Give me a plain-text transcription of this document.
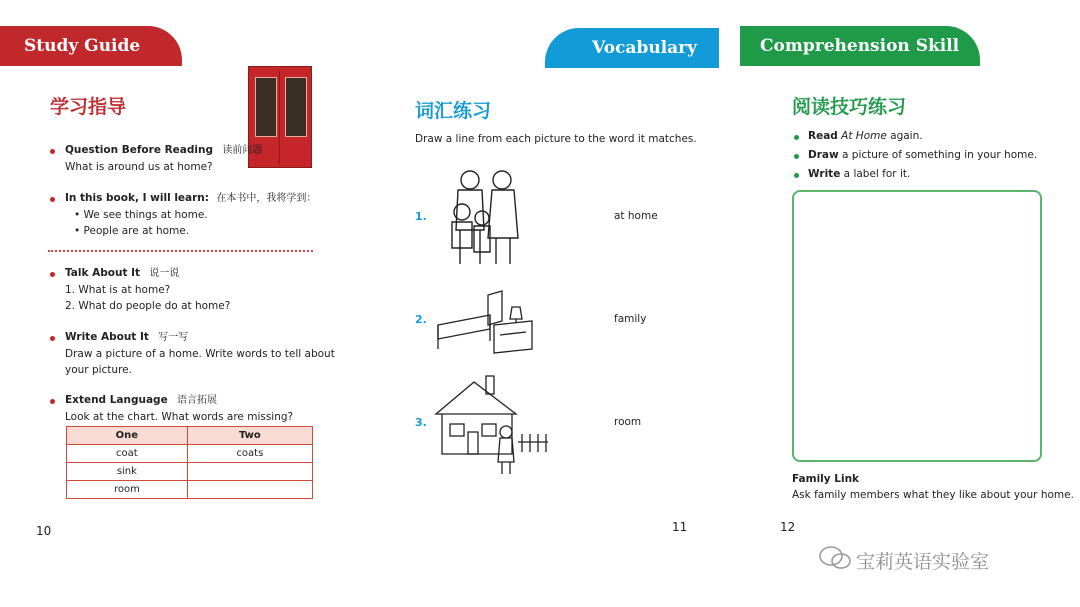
Study Guide	Vocabulary	Comprehension Skill
学习指导
Question Before Reading 读前问题
What is around us at home?
In this book, I will learn: 在本书中，我将学到：
• We see things at home.
• People are at home.
Talk About It 说一说
1. What is at home?
2. What do people do at home?
Write About It 写一写
Draw a picture of a home. Write words to tell about
your picture.
Extend Language 语言拓展
Look at the chart. What words are missing?
One	Two
coat	coats
sink	
room	
10
词汇练习
Draw a line from each picture to the word it matches.
1.	at home
2.	family
3.	room
11
阅读技巧练习
Read At Home again.
Draw a picture of something in your home.
Write a label for it.
Family Link
Ask family members what they like about your home.
12
宝莉英语实验室
